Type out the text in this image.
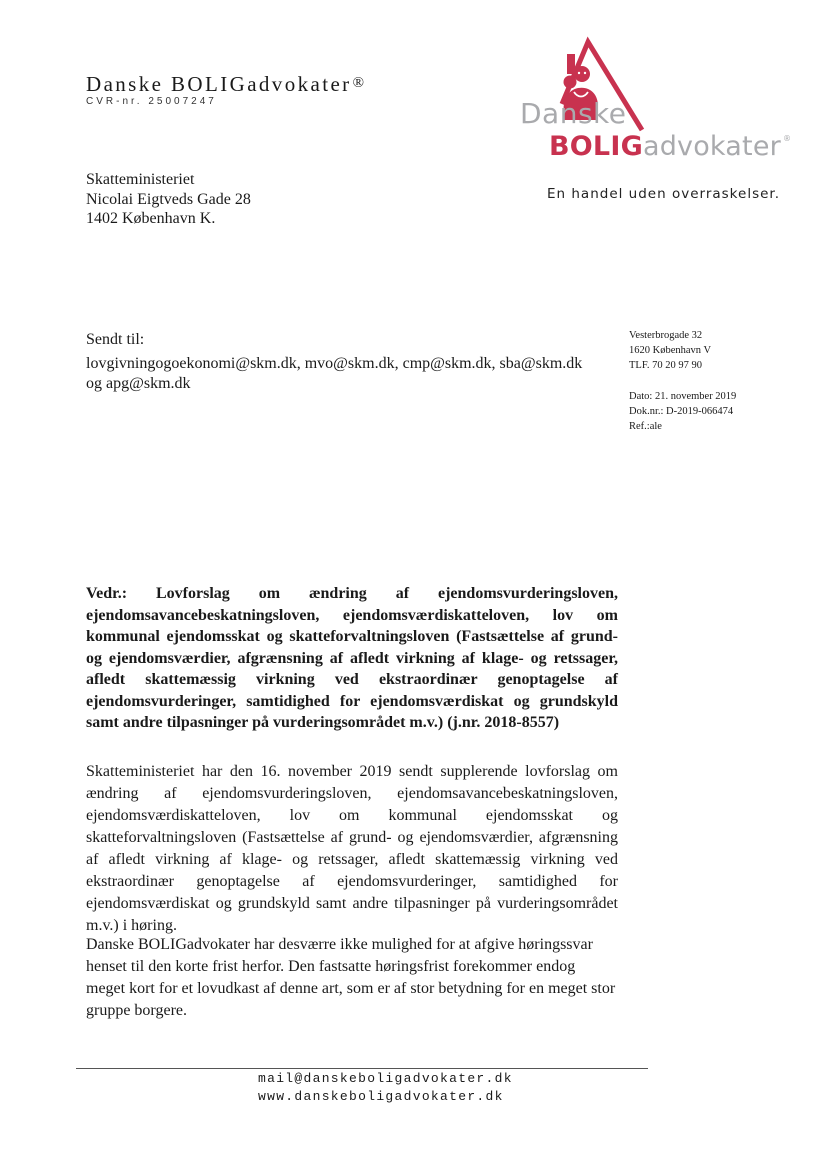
Danske BOLIGadvokater®
CVR-nr. 25007247	Danske
BOLIGadvokater ®
En handel uden overraskelser.
Skatteministeriet
Nicolai Eigtveds Gade 28
1402 København K.
Sendt til:
lovgivningogoekonomi@skm.dk, mvo@skm.dk, cmp@skm.dk, sba@skm.dk
og apg@skm.dk
Vesterbrogade 32
1620 København V
TLF. 70 20 97 90
Dato: 21. november 2019
Dok.nr.: D-2019-066474
Ref.:ale
Vedr.: Lovforslag om ændring af ejendomsvurderingsloven, ejendomsavancebeskatningsloven, ejendomsværdiskatteloven, lov om kommunal ejendomsskat og skatteforvaltningsloven (Fastsættelse af grund- og ejendomsværdier, afgrænsning af afledt virkning af klage- og retssager, afledt skattemæssig virkning ved ekstraordinær genoptagelse af ejendomsvurderinger, samtidighed for ejendomsværdiskat og grundskyld samt andre tilpasninger på vurderingsområdet m.v.) (j.nr. 2018-8557)
Skatteministeriet har den 16. november 2019 sendt supplerende lovforslag om ændring af ejendomsvurderingsloven, ejendomsavancebeskatningsloven, ejendomsværdiskatteloven, lov om kommunal ejendomsskat og skatteforvaltningsloven (Fastsættelse af grund- og ejendomsværdier, afgrænsning af afledt virkning af klage- og retssager, afledt skattemæssig virkning ved ekstraordinær genoptagelse af ejendomsvurderinger, samtidighed for ejendomsværdiskat og grundskyld samt andre tilpasninger på vurderingsområdet m.v.) i høring.
Danske BOLIGadvokater har desværre ikke mulighed for at afgive høringssvar henset til den korte frist herfor. Den fastsatte høringsfrist forekommer endog meget kort for et lovudkast af denne art, som er af stor betydning for en meget stor gruppe borgere.
mail@danskeboligadvokater.dk
www.danskeboligadvokater.dk
